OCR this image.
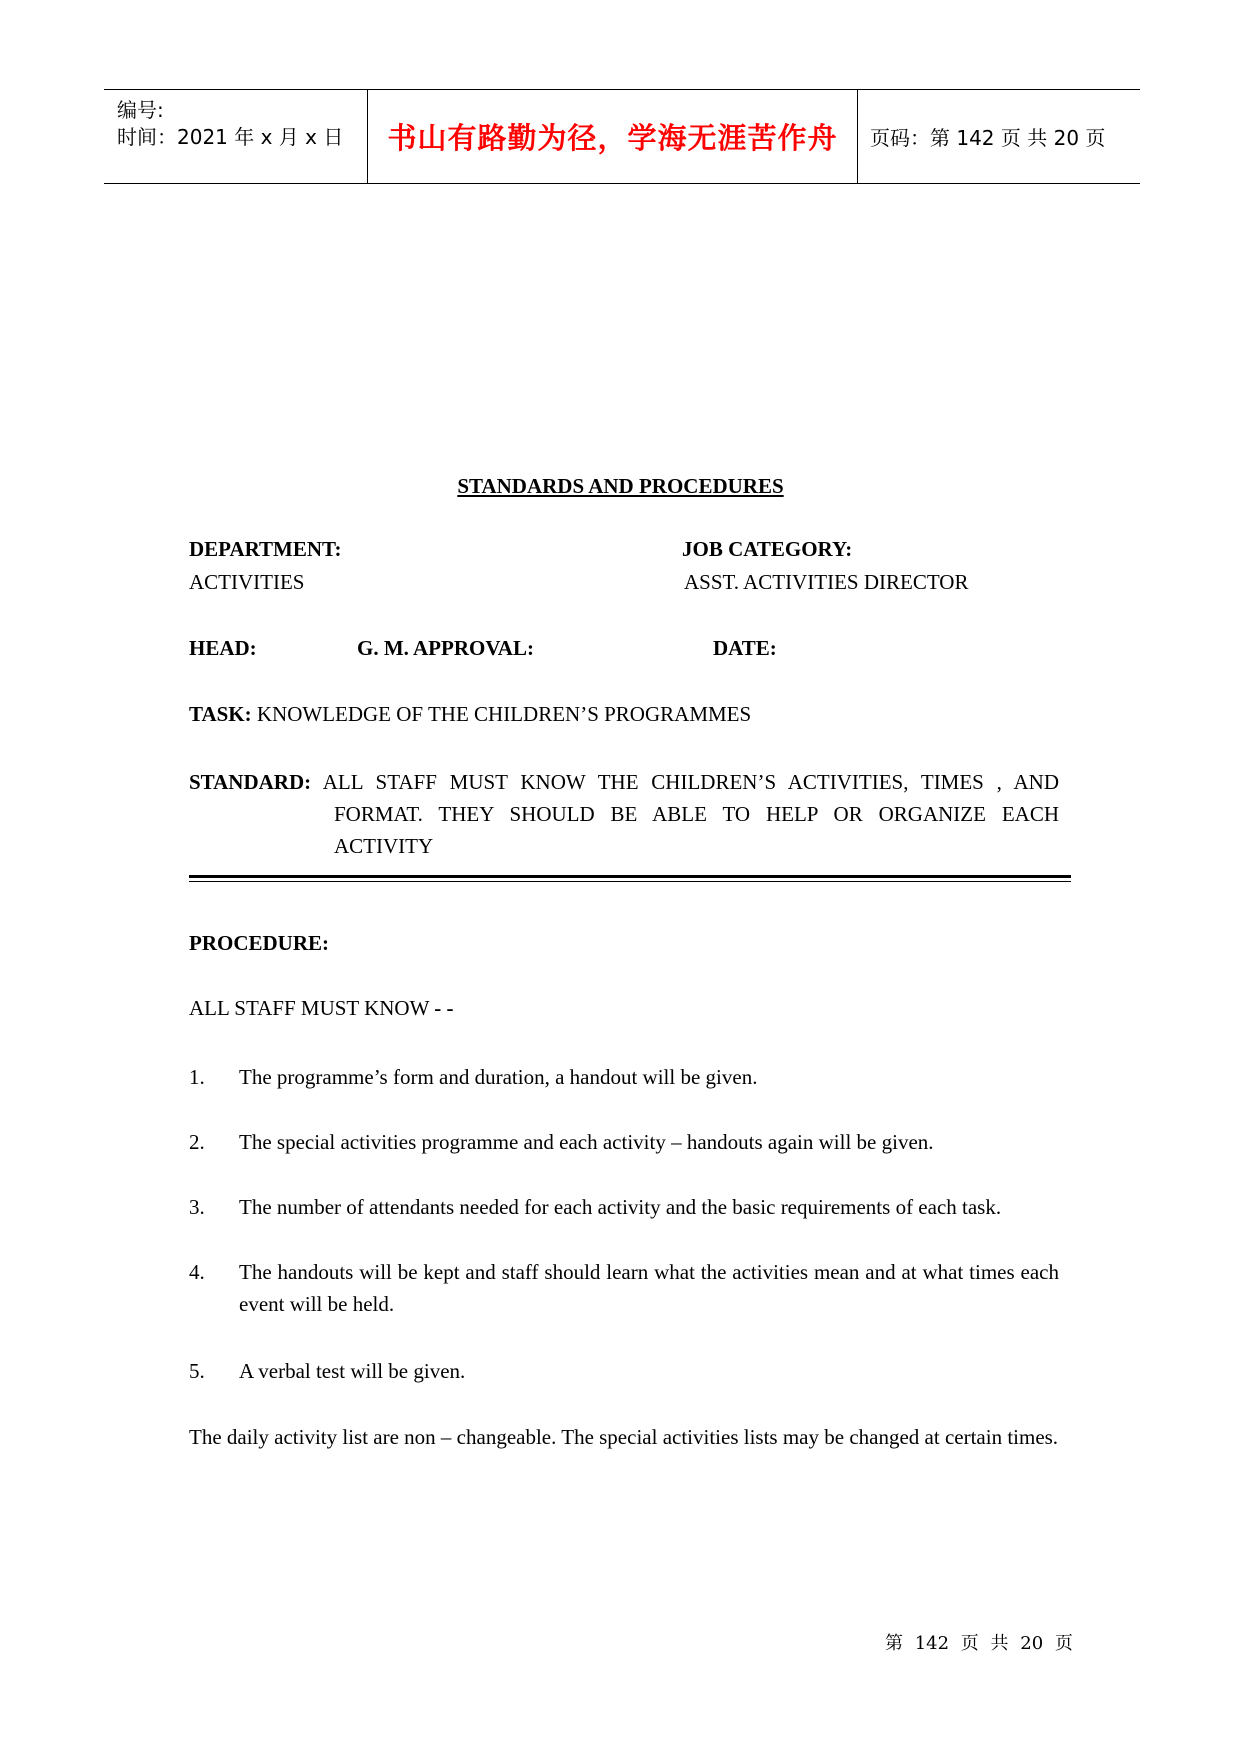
编号:
时间：2021 年 x 月 x 日 书山有路勤为径，学海无涯苦作舟 页码：第 142 页 共 20 页
STANDARDS AND PROCEDURES
DEPARTMENT:
ACTIVITIES
JOB CATEGORY:
ASST. ACTIVITIES DIRECTOR
HEAD:	G. M. APPROVAL:	DATE:
TASK: KNOWLEDGE OF THE CHILDREN’S PROGRAMMES
STANDARD: ALL STAFF MUST KNOW THE CHILDREN’S ACTIVITIES, TIMES , AND
FORMAT. THEY SHOULD BE ABLE TO HELP OR ORGANIZE EACH
ACTIVITY
PROCEDURE:
ALL STAFF MUST KNOW - -
1. The programme’s form and duration, a handout will be given.
2. The special activities programme and each activity – handouts again will be given.
3. The number of attendants needed for each activity and the basic requirements of each task.
4. The handouts will be kept and staff should learn what the activities mean and at what times each event will be held.
5. A verbal test will be given.
The daily activity list are non – changeable. The special activities lists may be changed at certain times.
第 142 页 共 20 页
